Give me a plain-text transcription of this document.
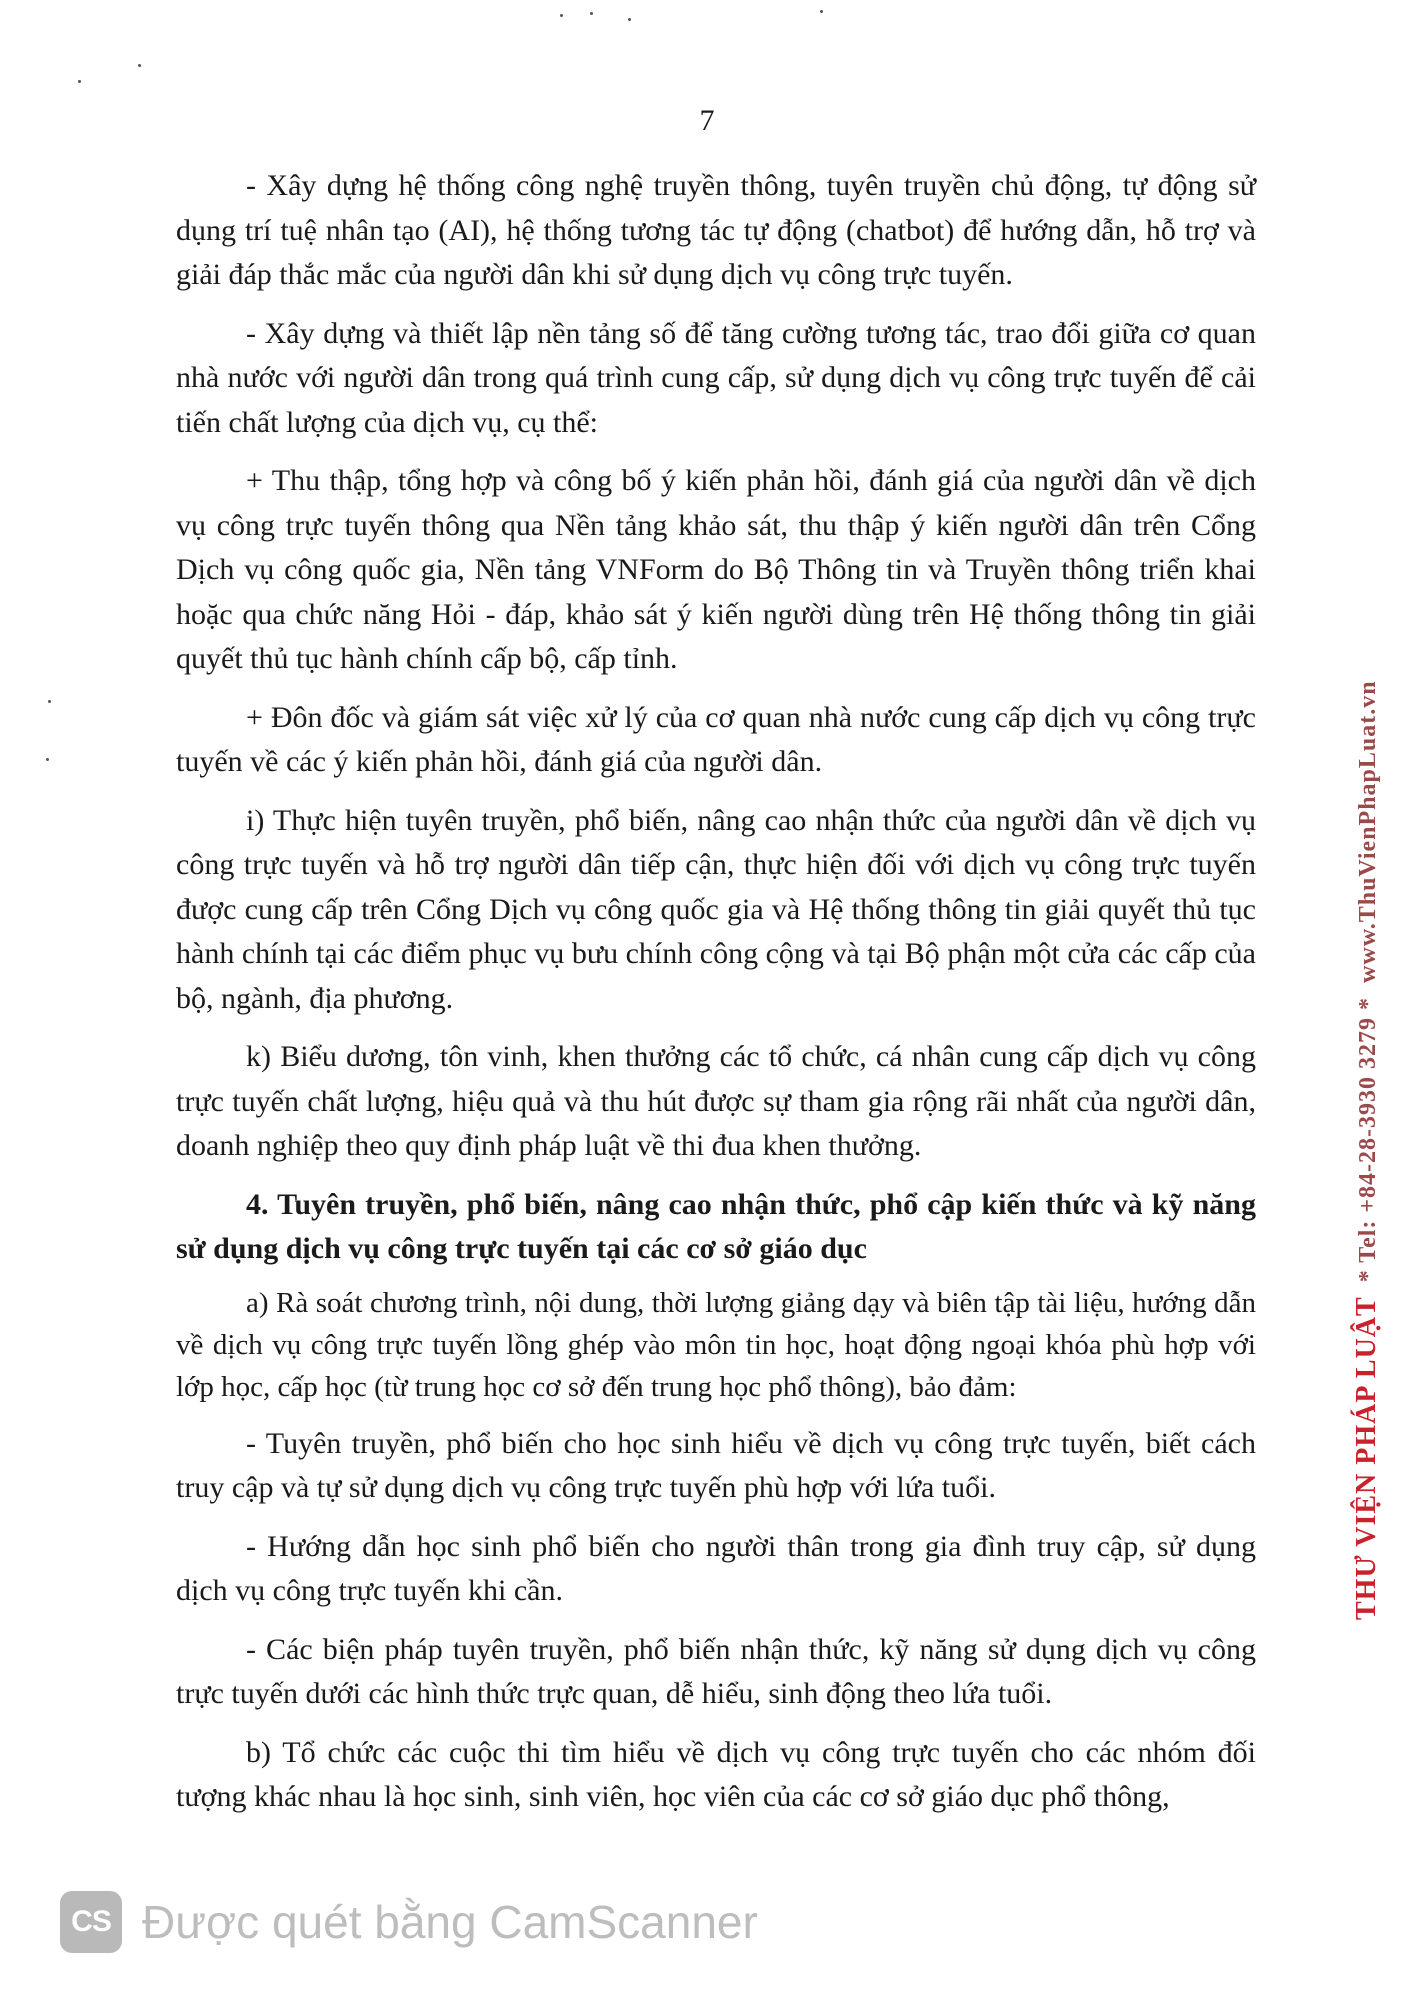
7

- Xây dựng hệ thống công nghệ truyền thông, tuyên truyền chủ động, tự động sử dụng trí tuệ nhân tạo (AI), hệ thống tương tác tự động (chatbot) để hướng dẫn, hỗ trợ và giải đáp thắc mắc của người dân khi sử dụng dịch vụ công trực tuyến.

- Xây dựng và thiết lập nền tảng số để tăng cường tương tác, trao đổi giữa cơ quan nhà nước với người dân trong quá trình cung cấp, sử dụng dịch vụ công trực tuyến để cải tiến chất lượng của dịch vụ, cụ thể:

+ Thu thập, tổng hợp và công bố ý kiến phản hồi, đánh giá của người dân về dịch vụ công trực tuyến thông qua Nền tảng khảo sát, thu thập ý kiến người dân trên Cổng Dịch vụ công quốc gia, Nền tảng VNForm do Bộ Thông tin và Truyền thông triển khai hoặc qua chức năng Hỏi - đáp, khảo sát ý kiến người dùng trên Hệ thống thông tin giải quyết thủ tục hành chính cấp bộ, cấp tỉnh.

+ Đôn đốc và giám sát việc xử lý của cơ quan nhà nước cung cấp dịch vụ công trực tuyến về các ý kiến phản hồi, đánh giá của người dân.

i) Thực hiện tuyên truyền, phổ biến, nâng cao nhận thức của người dân về dịch vụ công trực tuyến và hỗ trợ người dân tiếp cận, thực hiện đối với dịch vụ công trực tuyến được cung cấp trên Cổng Dịch vụ công quốc gia và Hệ thống thông tin giải quyết thủ tục hành chính tại các điểm phục vụ bưu chính công cộng và tại Bộ phận một cửa các cấp của bộ, ngành, địa phương.

k) Biểu dương, tôn vinh, khen thưởng các tổ chức, cá nhân cung cấp dịch vụ công trực tuyến chất lượng, hiệu quả và thu hút được sự tham gia rộng rãi nhất của người dân, doanh nghiệp theo quy định pháp luật về thi đua khen thưởng.

4. Tuyên truyền, phổ biến, nâng cao nhận thức, phổ cập kiến thức và kỹ năng sử dụng dịch vụ công trực tuyến tại các cơ sở giáo dục

a) Rà soát chương trình, nội dung, thời lượng giảng dạy và biên tập tài liệu, hướng dẫn về dịch vụ công trực tuyến lồng ghép vào môn tin học, hoạt động ngoại khóa phù hợp với lớp học, cấp học (từ trung học cơ sở đến trung học phổ thông), bảo đảm:

- Tuyên truyền, phổ biến cho học sinh hiểu về dịch vụ công trực tuyến, biết cách truy cập và tự sử dụng dịch vụ công trực tuyến phù hợp với lứa tuổi.

- Hướng dẫn học sinh phổ biến cho người thân trong gia đình truy cập, sử dụng dịch vụ công trực tuyến khi cần.

- Các biện pháp tuyên truyền, phổ biến nhận thức, kỹ năng sử dụng dịch vụ công trực tuyến dưới các hình thức trực quan, dễ hiểu, sinh động theo lứa tuổi.

b) Tổ chức các cuộc thi tìm hiểu về dịch vụ công trực tuyến cho các nhóm đối tượng khác nhau là học sinh, sinh viên, học viên của các cơ sở giáo dục phổ thông,

THƯ VIỆN PHÁP LUẬT* Tel: +84-28-3930 3279 *www.ThuVienPhapLuat.vn
CS Được quét bằng CamScanner
